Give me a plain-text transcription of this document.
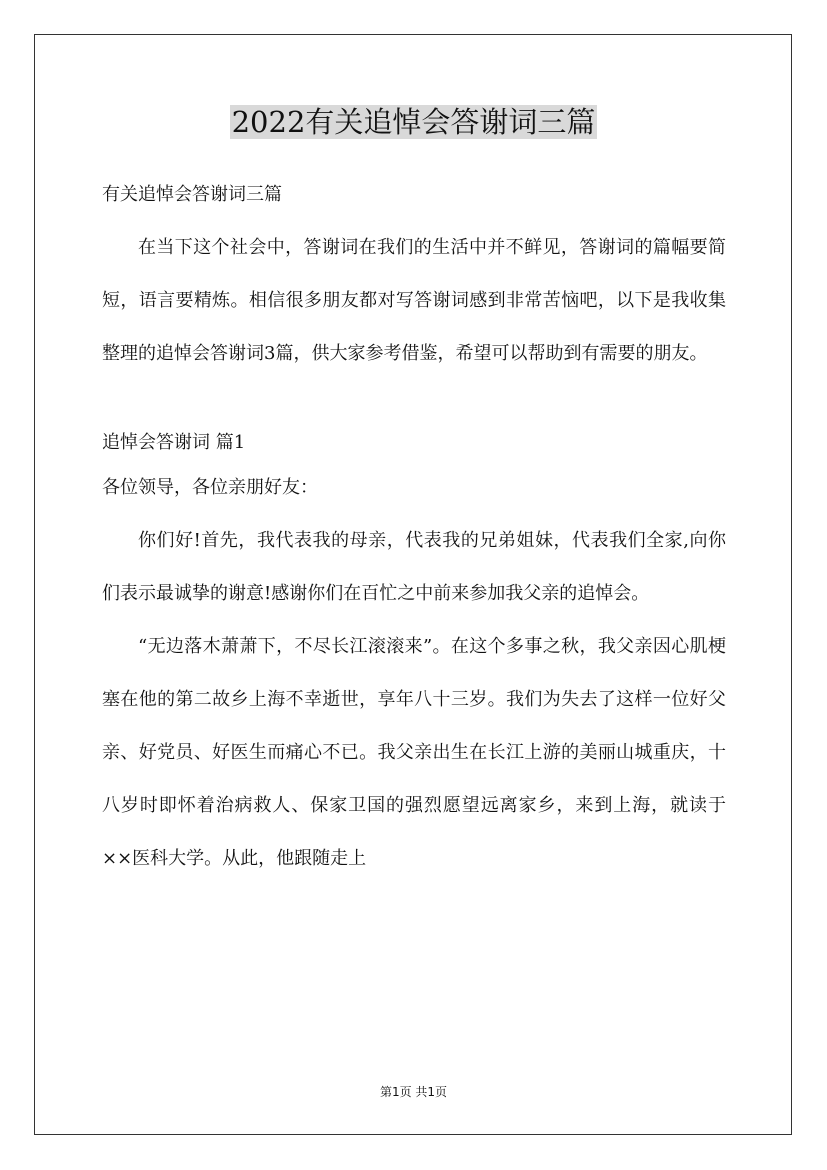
2022有关追悼会答谢词三篇

有关追悼会答谢词三篇

在当下这个社会中，答谢词在我们的生活中并不鲜见，答谢词的篇幅要简短，语言要精炼。相信很多朋友都对写答谢词感到非常苦恼吧，以下是我收集整理的追悼会答谢词3篇，供大家参考借鉴，希望可以帮助到有需要的朋友。

追悼会答谢词 篇1

各位领导，各位亲朋好友：

你们好!首先，我代表我的母亲，代表我的兄弟姐妹，代表我们全家,向你们表示最诚挚的谢意!感谢你们在百忙之中前来参加我父亲的追悼会。

“无边落木萧萧下，不尽长江滚滚来”。在这个多事之秋，我父亲因心肌梗塞在他的第二故乡上海不幸逝世，享年八十三岁。我们为失去了这样一位好父亲、好党员、好医生而痛心不已。我父亲出生在长江上游的美丽山城重庆，十八岁时即怀着治病救人、保家卫国的强烈愿望远离家乡，来到上海，就读于××医科大学。从此，他跟随走上

第1页 共1页
